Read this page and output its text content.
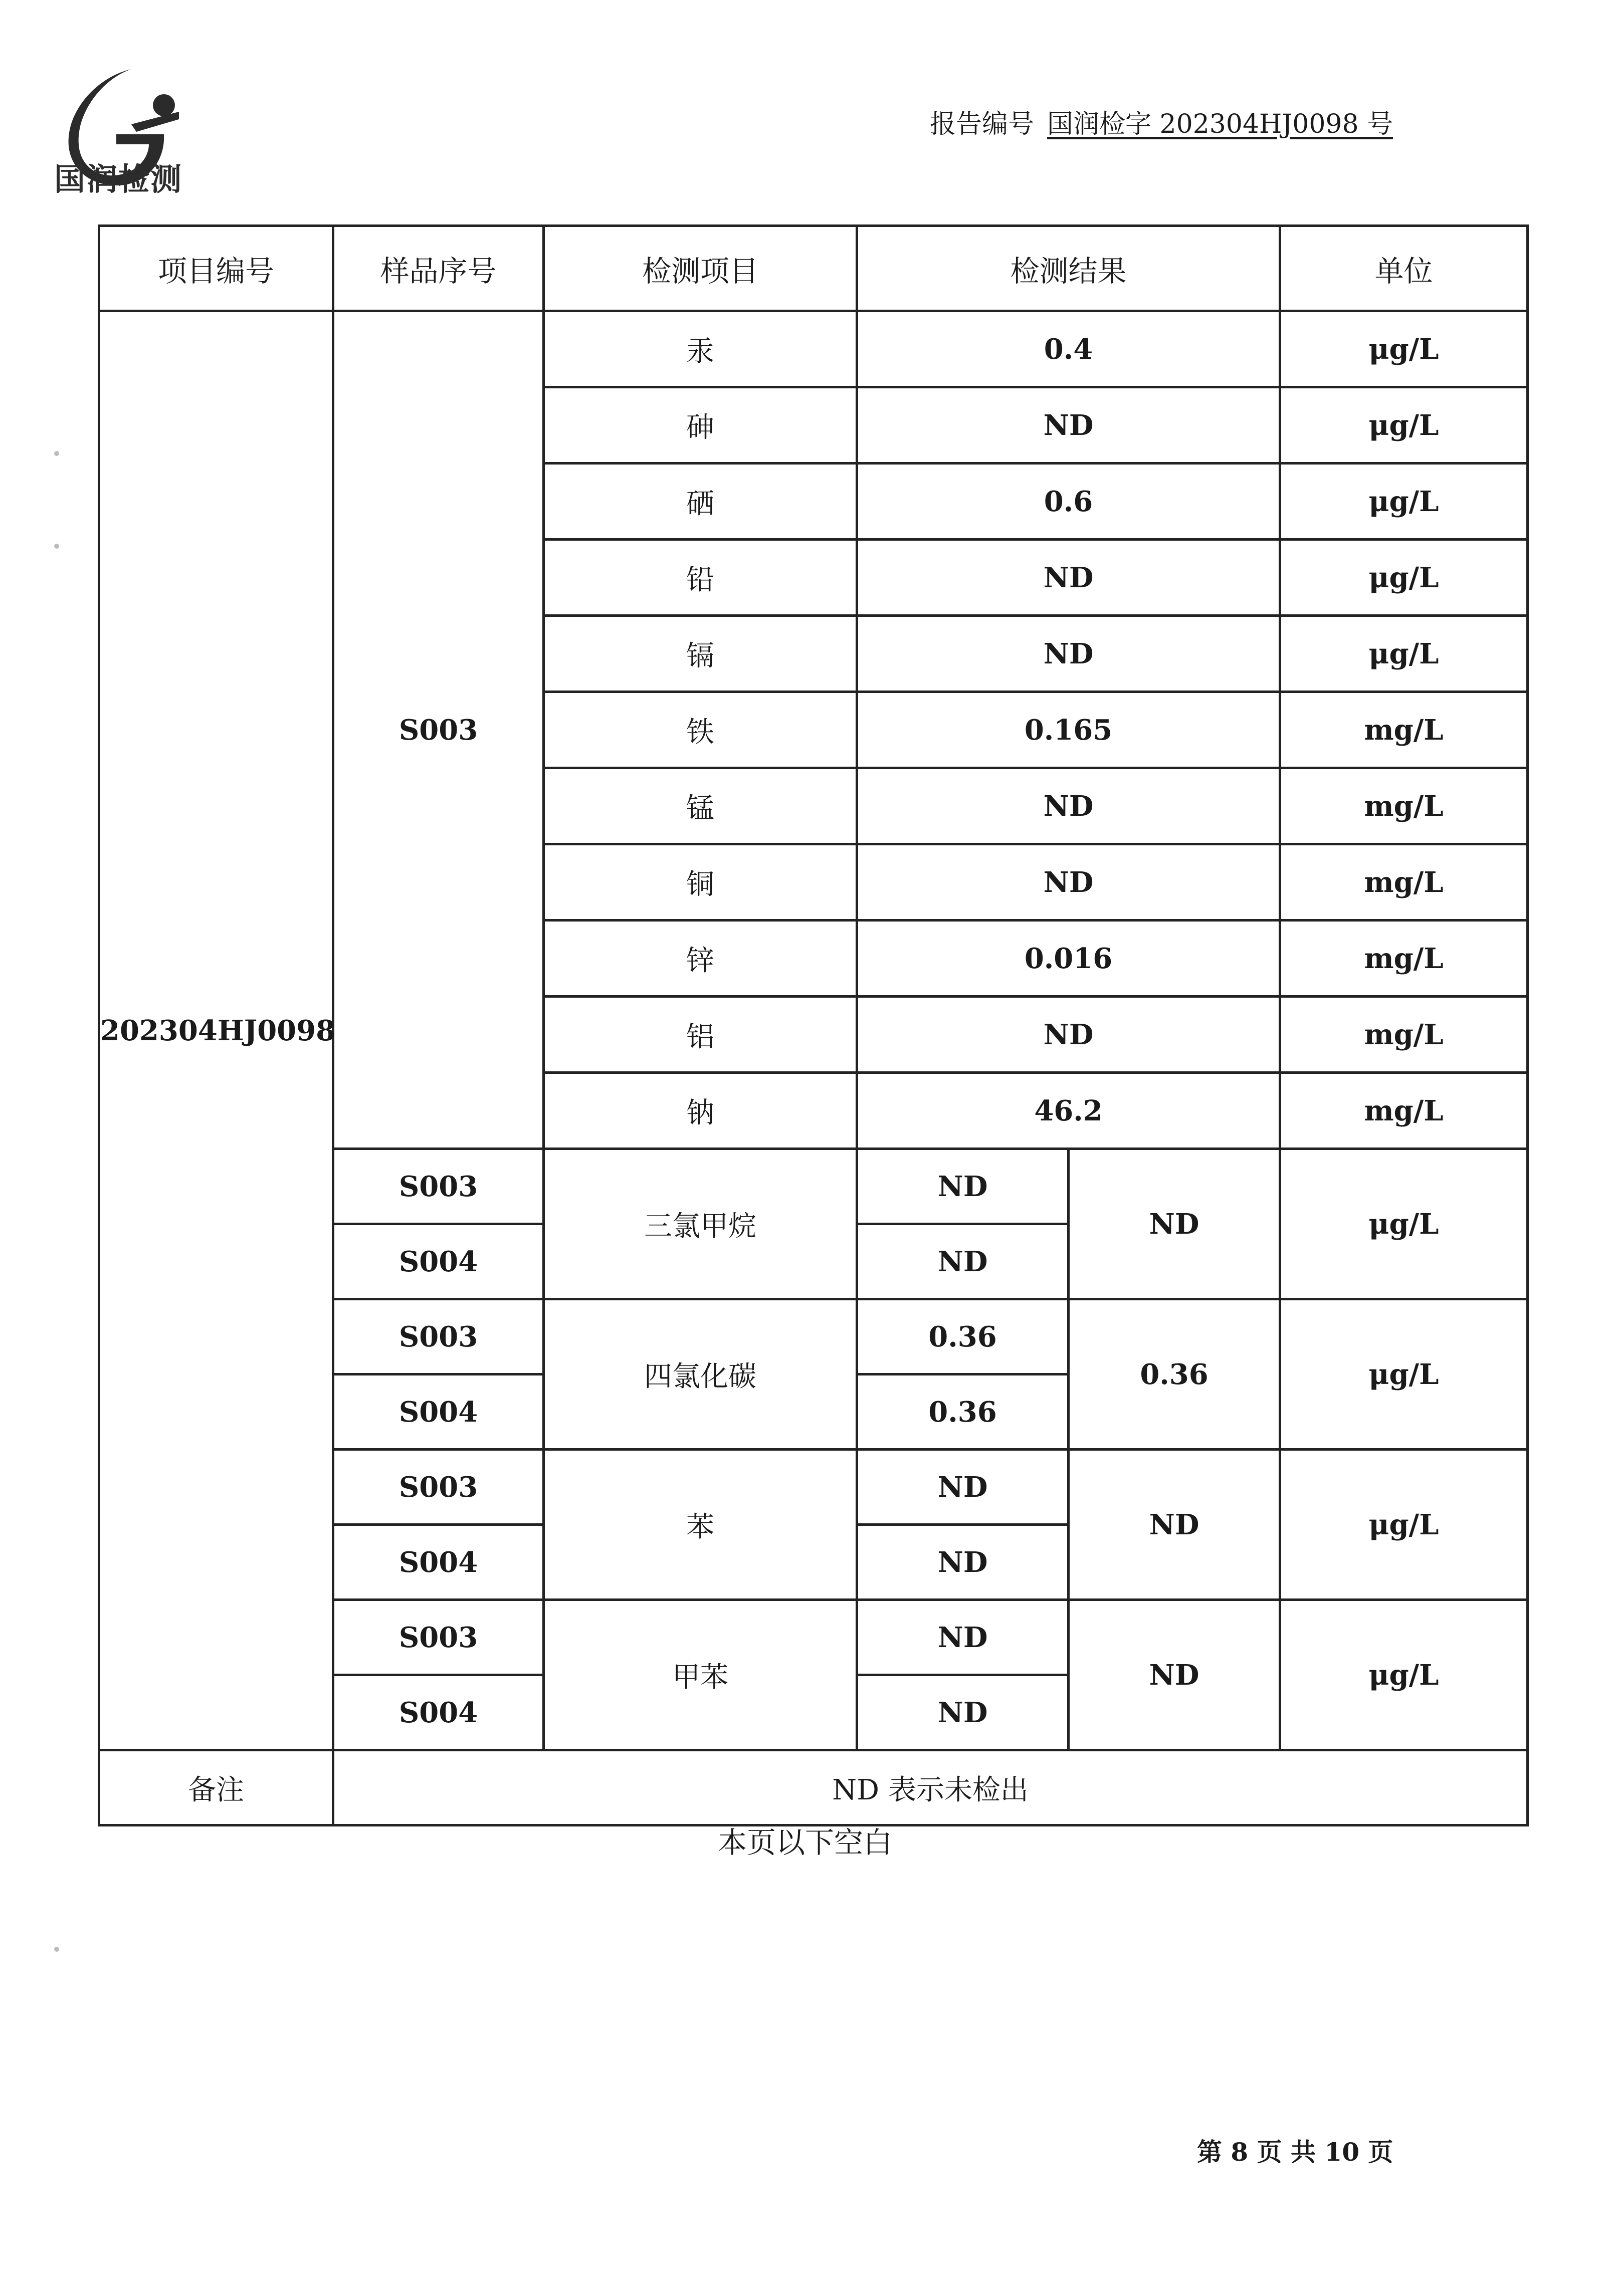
国润检测
报告编号 国润检字 202304HJ0098 号
项目编号	样品序号	检测项目	检测结果		单位
202304HJ0098	S003	汞	0.4		μg/L
		砷	ND		μg/L
		硒	0.6		μg/L
		铅	ND		μg/L
		镉	ND		μg/L
		铁	0.165		mg/L
		锰	ND		mg/L
		铜	ND		mg/L
		锌	0.016		mg/L
		铝	ND		mg/L
		钠	46.2		mg/L
	S003	三氯甲烷	ND	ND	μg/L
	S004		ND		
	S003	四氯化碳	0.36	0.36	μg/L
	S004		0.36		
	S003	苯	ND	ND	μg/L
	S004		ND		
	S003	甲苯	ND	ND	μg/L
	S004		ND		
备注	ND 表示未检出				
本页以下空白
第 8 页 共 10 页
